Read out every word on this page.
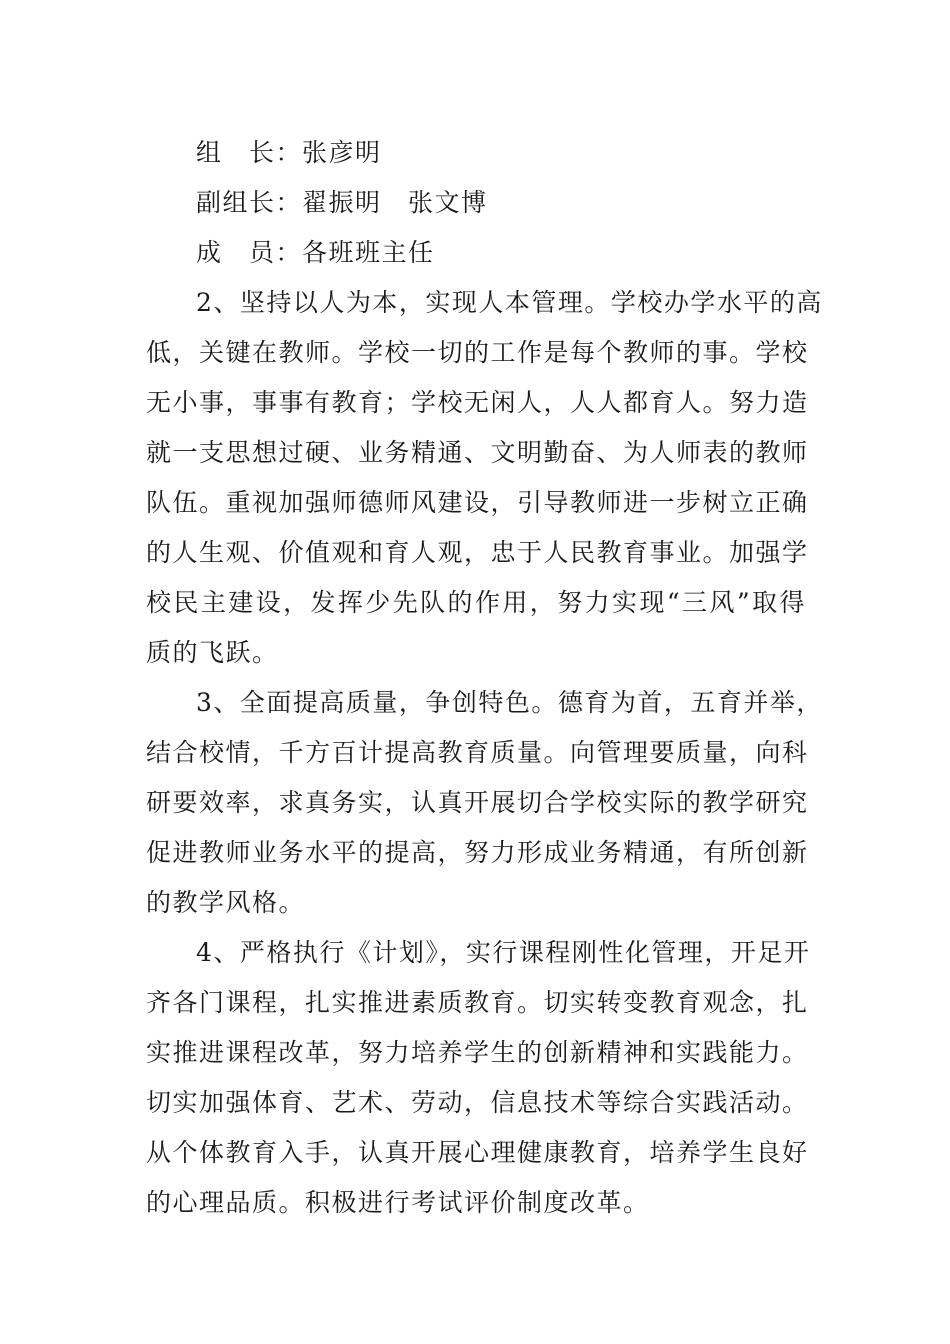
组　长：张彦明
副组长：翟振明　张文博
成　员：各班班主任
2、坚持以人为本，实现人本管理。学校办学水平的高
低，关键在教师。学校一切的工作是每个教师的事。学校
无小事，事事有教育；学校无闲人，人人都育人。努力造
就一支思想过硬、业务精通、文明勤奋、为人师表的教师
队伍。重视加强师德师风建设，引导教师进一步树立正确
的人生观、价值观和育人观，忠于人民教育事业。加强学
校民主建设，发挥少先队的作用，努力实现“三风”取得
质的飞跃。
3、全面提高质量，争创特色。德育为首，五育并举，
结合校情，千方百计提高教育质量。向管理要质量，向科
研要效率，求真务实，认真开展切合学校实际的教学研究
促进教师业务水平的提高，努力形成业务精通，有所创新
的教学风格。
4、严格执行《计划》，实行课程刚性化管理，开足开
齐各门课程，扎实推进素质教育。切实转变教育观念，扎
实推进课程改革，努力培养学生的创新精神和实践能力。
切实加强体育、艺术、劳动，信息技术等综合实践活动。
从个体教育入手，认真开展心理健康教育，培养学生良好
的心理品质。积极进行考试评价制度改革。
